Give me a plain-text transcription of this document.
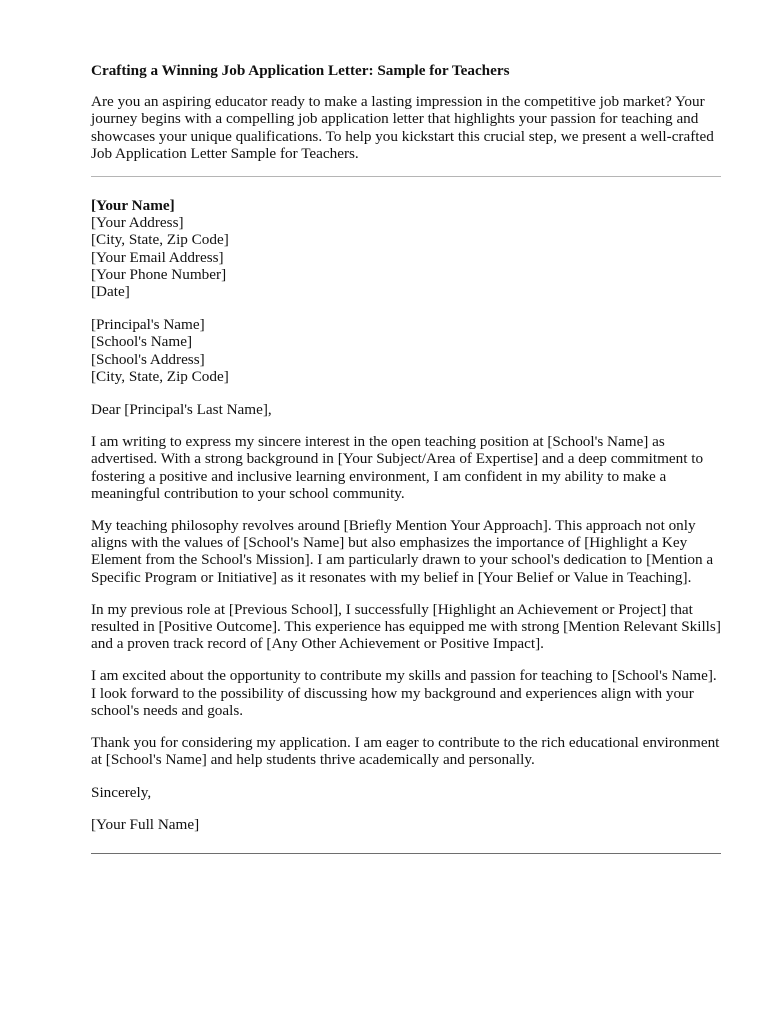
Crafting a Winning Job Application Letter: Sample for Teachers

Are you an aspiring educator ready to make a lasting impression in the competitive job market? Your journey begins with a compelling job application letter that highlights your passion for teaching and showcases your unique qualifications. To help you kickstart this crucial step, we present a well-crafted Job Application Letter Sample for Teachers.

[Your Name]
[Your Address]
[City, State, Zip Code]
[Your Email Address]
[Your Phone Number]
[Date]
[Principal's Name]
[School's Name]
[School's Address]
[City, State, Zip Code]

Dear [Principal's Last Name],

I am writing to express my sincere interest in the open teaching position at [School's Name] as advertised. With a strong background in [Your Subject/Area of Expertise] and a deep commitment to fostering a positive and inclusive learning environment, I am confident in my ability to make a meaningful contribution to your school community.

My teaching philosophy revolves around [Briefly Mention Your Approach]. This approach not only aligns with the values of [School's Name] but also emphasizes the importance of [Highlight a Key Element from the School's Mission]. I am particularly drawn to your school's dedication to [Mention a Specific Program or Initiative] as it resonates with my belief in [Your Belief or Value in Teaching].

In my previous role at [Previous School], I successfully [Highlight an Achievement or Project] that resulted in [Positive Outcome]. This experience has equipped me with strong [Mention Relevant Skills] and a proven track record of [Any Other Achievement or Positive Impact].

I am excited about the opportunity to contribute my skills and passion for teaching to [School's Name]. I look forward to the possibility of discussing how my background and experiences align with your school's needs and goals.

Thank you for considering my application. I am eager to contribute to the rich educational environment at [School's Name] and help students thrive academically and personally.

Sincerely,

[Your Full Name]
